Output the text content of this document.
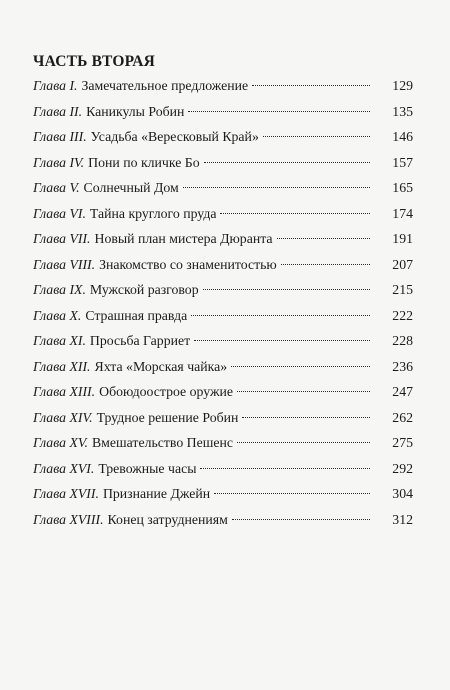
ЧАСТЬ ВТОРАЯ
Глава I. Замечательное предложение	129
Глава II. Каникулы Робин	135
Глава III. Усадьба «Вересковый Край»	146
Глава IV. Пони по кличке Бо	157
Глава V. Солнечный Дом	165
Глава VI. Тайна круглого пруда	174
Глава VII. Новый план мистера Дюранта	191
Глава VIII. Знакомство со знаменитостью	207
Глава IX. Мужской разговор	215
Глава X. Страшная правда	222
Глава XI. Просьба Гарриет	228
Глава XII. Яхта «Морская чайка»	236
Глава XIII. Обоюдоострое оружие	247
Глава XIV. Трудное решение Робин	262
Глава XV. Вмешательство Пешенс	275
Глава XVI. Тревожные часы	292
Глава XVII. Признание Джейн	304
Глава XVIII. Конец затруднениям	312
